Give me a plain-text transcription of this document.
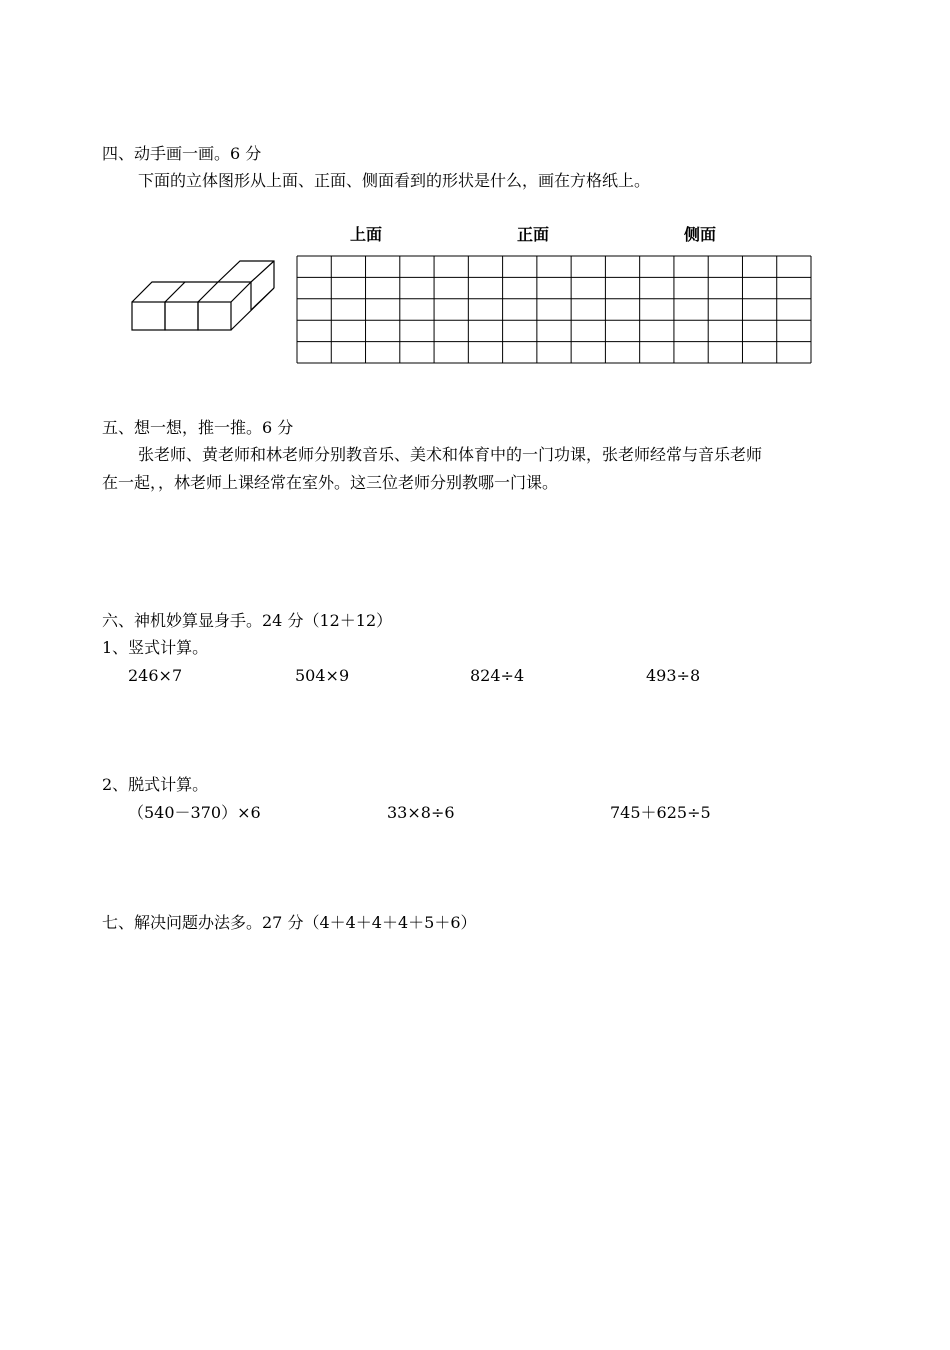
四、动手画一画。6 分
下面的立体图形从上面、正面、侧面看到的形状是什么，画在方格纸上。
上面	正面	侧面
五、想一想，推一推。6 分
张老师、黄老师和林老师分别教音乐、美术和体育中的一门功课，张老师经常与音乐老师
在一起，，林老师上课经常在室外。这三位老师分别教哪一门课。
六、神机妙算显身手。24 分（12＋12）
1、竖式计算。
246×7	504×9	824÷4	493÷8
2、脱式计算。
（540－370）×6	33×8÷6	745＋625÷5
七、解决问题办法多。27 分（4＋4＋4＋4＋5＋6）
